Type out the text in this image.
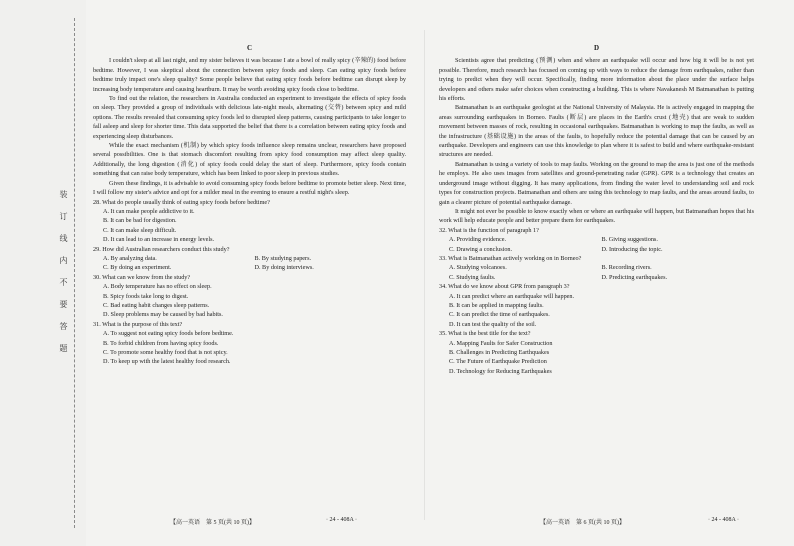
装订线内不要答题
C

I couldn't sleep at all last night, and my sister believes it was because I ate a bowl of really spicy (辛辣的) food before bedtime. However, I was skeptical about the connection between spicy foods and sleep. Can eating spicy foods before bedtime truly impact one's sleep quality? Some people believe that eating spicy foods before bedtime can disrupt sleep by increasing body temperature and causing heartburn. It may be worth avoiding spicy foods close to bedtime.

To find out the relation, the researchers in Australia conducted an experiment to investigate the effects of spicy foods on sleep. They provided a group of individuals with delicious late-night meals, alternating (交替) between spicy and mild options. The results revealed that consuming spicy foods led to disrupted sleep patterns, causing participants to take longer to fall asleep and sleep for shorter time. This data supported the belief that there is a correlation between eating spicy foods and experiencing sleep disturbances.

While the exact mechanism (机制) by which spicy foods influence sleep remains unclear, researchers have proposed several possibilities. One is that stomach discomfort resulting from spicy food consumption may affect sleep quality. Additionally, the long digestion (消化) of spicy foods could delay the start of sleep. Furthermore, spicy foods contain something that can raise body temperature, which has been linked to poor sleep in previous studies.

Given these findings, it is advisable to avoid consuming spicy foods before bedtime to promote better sleep. Next time, I will follow my sister's advice and opt for a milder meal in the evening to ensure a restful night's sleep.

28. What do people usually think of eating spicy foods before bedtime?

A. It can make people addictive to it.
B. It can be bad for digestion.
C. It can make sleep difficult.
D. It can lead to an increase in energy levels.

29. How did Australian researchers conduct this study?

A. By analyzing data.	B. By studying papers.
C. By doing an experiment.	D. By doing interviews.

30. What can we know from the study?

A. Body temperature has no effect on sleep.
B. Spicy foods take long to digest.
C. Bad eating habit changes sleep patterns.
D. Sleep problems may be caused by bad habits.

31. What is the purpose of this text?

A. To suggest not eating spicy foods before bedtime.
B. To forbid children from having spicy foods.
C. To promote some healthy food that is not spicy.
D. To keep up with the latest healthy food research.
【高一英语　第 5 页(共 10 页)】	· 24 - 408A ·
D

Scientists agree that predicting (预测) when and where an earthquake will occur and how big it will be is not yet possible. Therefore, much research has focused on coming up with ways to reduce the damage from earthquakes, rather than trying to predict when they will occur. Specifically, finding more information about the place under the surface helps developers and others make safer choices when constructing a building. This is where Navakanesh M Batmanathan is putting his efforts.

Batmanathan is an earthquake geologist at the National University of Malaysia. He is actively engaged in mapping the areas surrounding earthquakes in Borneo. Faults (断层) are places in the Earth's crust (地壳) that are weak to sudden movement between masses of rock, resulting in occasional earthquakes. Batmanathan is working to map the faults, as well as the infrastructure (基础设施) in the areas of the faults, to hopefully reduce the potential damage that can be caused by an earthquake. Developers and engineers can use this knowledge to plan where it is safest to build and where earthquake-resistant structures are needed.

Batmanathan is using a variety of tools to map faults. Working on the ground to map the area is just one of the methods he employs. He also uses images from satellites and ground-penetrating radar (GPR). GPR is a technology that creates an underground image without digging. It has many applications, from finding the water level to understanding soil and rock types for construction projects. Batmanathan and others are using this technology to map faults, and the areas around faults, to gain a clearer picture of potential earthquake damage.

It might not ever be possible to know exactly when or where an earthquake will happen, but Batmanathan hopes that his work will help educate people and better prepare them for earthquakes.

32. What is the function of paragraph 1?

A. Providing evidence.	B. Giving suggestions.
C. Drawing a conclusion.	D. Introducing the topic.

33. What is Batmanathan actively working on in Borneo?

A. Studying volcanoes.	B. Recording rivers.
C. Studying faults.	D. Predicting earthquakes.

34. What do we know about GPR from paragraph 3?

A. It can predict where an earthquake will happen.
B. It can be applied in mapping faults.
C. It can predict the time of earthquakes.
D. It can test the quality of the soil.

35. What is the best title for the text?

A. Mapping Faults for Safer Construction
B. Challenges in Predicting Earthquakes
C. The Future of Earthquake Prediction
D. Technology for Reducing Earthquakes
【高一英语　第 6 页(共 10 页)】	· 24 - 408A ·
